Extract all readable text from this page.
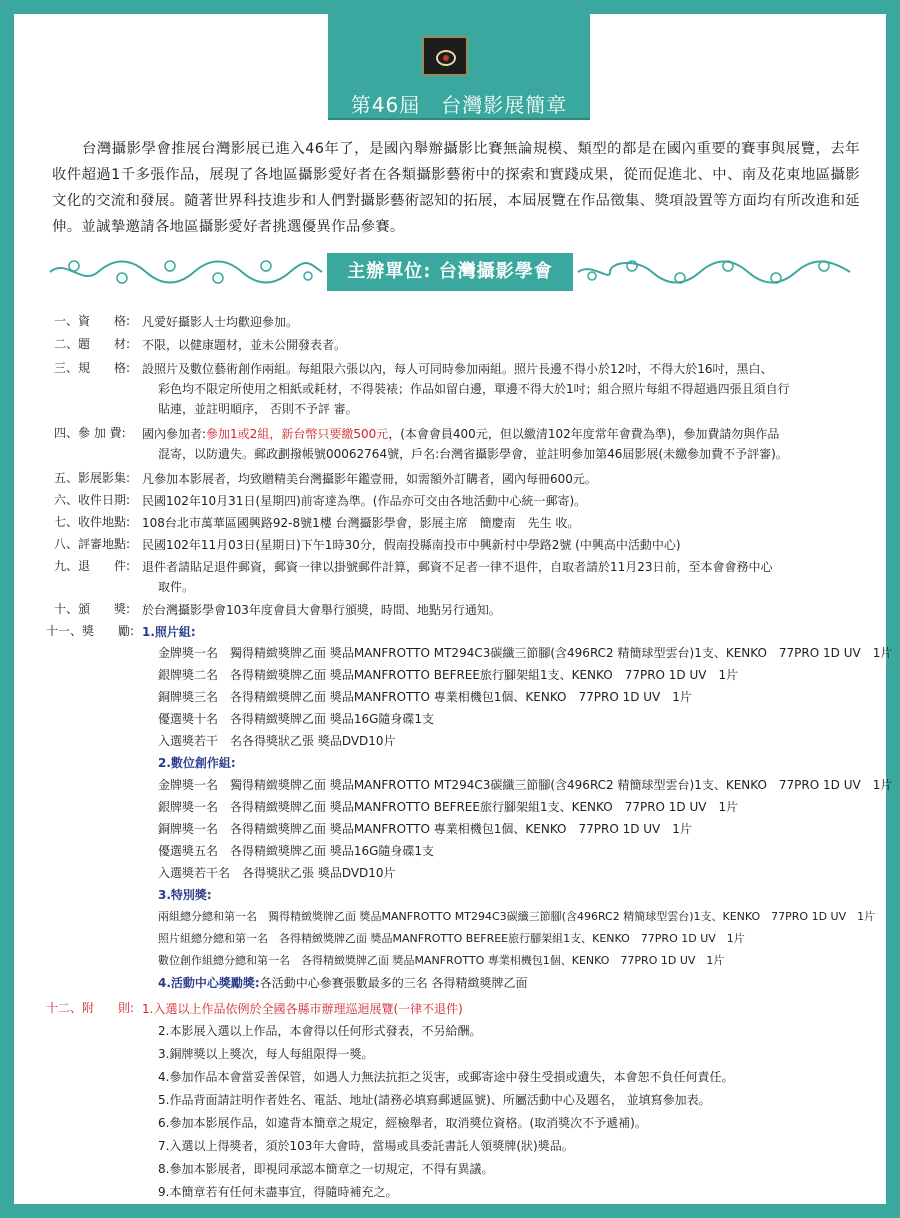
第46屆　台灣影展簡章
台灣攝影學會推展台灣影展已進入46年了，是國內舉辦攝影比賽無論規模、類型的都是在國內重要的賽事與展覽，去年收件超過1千多張作品，展現了各地區攝影愛好者在各類攝影藝術中的探索和實踐成果，從而促進北、中、南及花東地區攝影文化的交流和發展。隨著世界科技進步和人們對攝影藝術認知的拓展，本屆展覽在作品徵集、獎項設置等方面均有所改進和延伸。並誠摯邀請各地區攝影愛好者挑選優異作品參賽。
主辦單位: 台灣攝影學會
一、資　　格: 凡愛好攝影人士均歡迎參加。
二、題　　材: 不限，以健康題材，並未公開發表者。
三、規　　格: 設照片及數位藝術創作兩組。每組限六張以內，每人可同時參加兩組。照片長邊不得小於12吋，不得大於16吋，黑白、
彩色均不限定所使用之相紙或耗材，不得裝裱；作品如留白邊，單邊不得大於1吋；組合照片每組不得超過四張且須自行
貼連，並註明順序， 否則不予評 審。
四、參 加 費:	國內參加者:參加1或2組，新台幣只要繳500元，(本會會員400元，但以繳清102年度常年會費為準)，參加費請勿與作品
混寄，以防遺失。郵政劃撥帳號00062764號，戶名:台灣省攝影學會，並註明參加第46屆影展(未繳參加費不予評審)。
五、影展影集: 凡參加本影展者，均致贈精美台灣攝影年鑑壹冊，如需額外訂購者，國內每冊600元。
六、收件日期: 民國102年10月31日(星期四)前寄達為準。(作品亦可交由各地活動中心統一郵寄)。
七、收件地點: 108台北市萬華區國興路92-8號1樓 台灣攝影學會，影展主席　簡慶南　先生 收。
八、評審地點: 民國102年11月03日(星期日)下午1時30分，假南投縣南投市中興新村中學路2號 (中興高中活動中心)
九、退　　件: 退件者請貼足退件郵資，郵資一律以掛號郵件計算，郵資不足者一律不退件，自取者請於11月23日前，至本會會務中心
取件。
十、頒　　獎: 於台灣攝影學會103年度會員大會舉行頒獎，時間、地點另行通知。
十一、獎　　勵: 1.照片組:
金牌獎一名　獨得精緻獎牌乙面 獎品MANFROTTO MT294C3碳纖三節腳(含496RC2 精簡球型雲台)1支、KENKO　77PRO 1D UV　1片
銀牌獎二名　各得精緻獎牌乙面 獎品MANFROTTO BEFREE旅行腳架組1支、KENKO　77PRO 1D UV　1片
銅牌獎三名　各得精緻獎牌乙面 獎品MANFROTTO 專業相機包1個、KENKO　77PRO 1D UV　1片
優選獎十名　各得精緻獎牌乙面 獎品16G隨身碟1支
入選獎若干　名各得獎狀乙張 獎品DVD10片
2.數位創作組:
金牌獎一名　獨得精緻獎牌乙面 獎品MANFROTTO MT294C3碳纖三節腳(含496RC2 精簡球型雲台)1支、KENKO　77PRO 1D UV　1片
銀牌獎一名　各得精緻獎牌乙面 獎品MANFROTTO BEFREE旅行腳架組1支、KENKO　77PRO 1D UV　1片
銅牌獎一名　各得精緻獎牌乙面 獎品MANFROTTO 專業相機包1個、KENKO　77PRO 1D UV　1片
優選獎五名　各得精緻獎牌乙面 獎品16G隨身碟1支
入選獎若干名　各得獎狀乙張 獎品DVD10片
3.特別獎:
兩組總分總和第一名　獨得精緻獎牌乙面 獎品MANFROTTO MT294C3碳纖三節腳(含496RC2 精簡球型雲台)1支、KENKO　77PRO 1D UV　1片
照片組總分總和第一名　各得精緻獎牌乙面 獎品MANFROTTO BEFREE旅行腳架組1支、KENKO　77PRO 1D UV　1片
數位創作組總分總和第一名　各得精緻獎牌乙面 獎品MANFROTTO 專業相機包1個、KENKO　77PRO 1D UV　1片
4.活動中心獎勵獎:各活動中心參賽張數最多的三名 各得精緻獎牌乙面
十二、附　　則: 1.入選以上作品依例於全國各縣市辦理巡迴展覽(一律不退件)
2.本影展入選以上作品，本會得以任何形式發表，不另給酬。
3.銅牌獎以上獎次，每人每組限得一獎。
4.參加作品本會當妥善保管，如遇人力無法抗拒之災害，或郵寄途中發生受損或遺失，本會恕不負任何責任。
5.作品背面請註明作者姓名、電話、地址(請務必填寫郵遞區號)、所屬活動中心及題名， 並填寫參加表。
6.參加本影展作品，如違背本簡章之規定，經檢舉者，取消獎位資格。(取消獎次不予遞補)。
7.入選以上得獎者，須於103年大會時，當場或具委託書託人領獎牌(狀)獎品。
8.參加本影展者，即視同承認本簡章之一切規定，不得有異議。
9.本簡章若有任何未盡事宜，得隨時補充之。
